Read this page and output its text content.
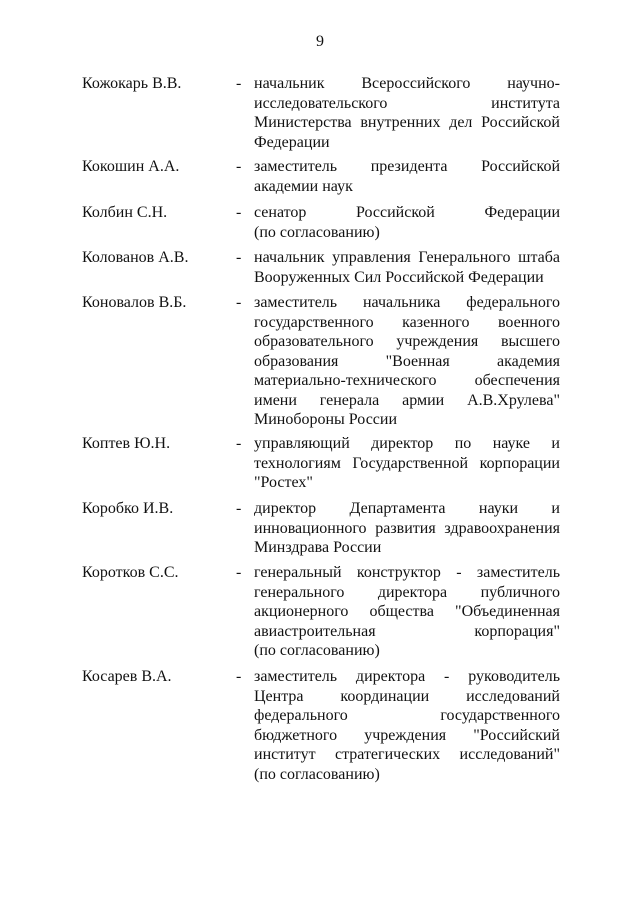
9
Кожокарь В.В.	- начальник Всероссийского научно-
исследовательского института
Министерства внутренних дел Российской
Федерации
Кокошин А.А.	- заместитель президента Российской
академии наук
Колбин С.Н.	- сенатор Российской Федерации
(по согласованию)
Колованов А.В.	- начальник управления Генерального штаба
Вооруженных Сил Российской Федерации
Коновалов В.Б.	- заместитель начальника федерального
государственного казенного военного
образовательного учреждения высшего
образования "Военная академия
материально-технического обеспечения
имени генерала армии А.В.Хрулева"
Минобороны России
Коптев Ю.Н.	- управляющий директор по науке и
технологиям Государственной корпорации
"Ростех"
Коробко И.В.	- директор Департамента науки и
инновационного развития здравоохранения
Минздрава России
Коротков С.С.	- генеральный конструктор - заместитель
генерального директора публичного
акционерного общества "Объединенная
авиастроительная корпорация"
(по согласованию)
Косарев В.А.	- заместитель директора - руководитель
Центра координации исследований
федерального государственного
бюджетного учреждения "Российский
институт стратегических исследований"
(по согласованию)
